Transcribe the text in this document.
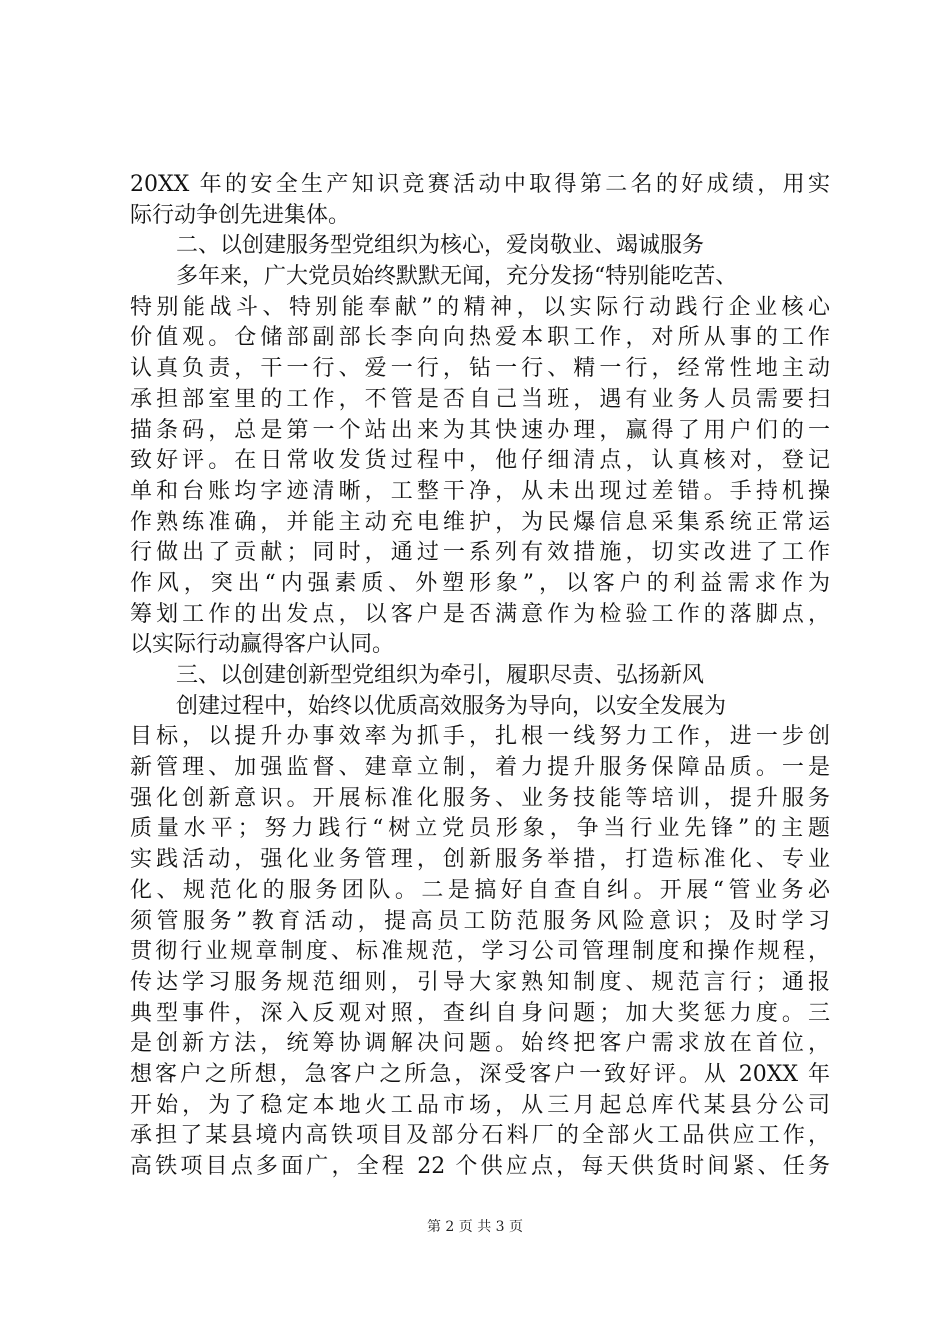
20XX 年的安全生产知识竞赛活动中取得第二名的好成绩，用实
际行动争创先进集体。
二、以创建服务型党组织为核心，爱岗敬业、竭诚服务
多年来，广大党员始终默默无闻，充分发扬“特别能吃苦、
特别能战斗、特别能奉献”的精神，以实际行动践行企业核心
价值观。仓储部副部长李向向热爱本职工作，对所从事的工作
认真负责，干一行、爱一行，钻一行、精一行，经常性地主动
承担部室里的工作，不管是否自己当班，遇有业务人员需要扫
描条码，总是第一个站出来为其快速办理，赢得了用户们的一
致好评。在日常收发货过程中，他仔细清点，认真核对，登记
单和台账均字迹清晰，工整干净，从未出现过差错。手持机操
作熟练准确，并能主动充电维护，为民爆信息采集系统正常运
行做出了贡献；同时，通过一系列有效措施，切实改进了工作
作风，突出“内强素质、外塑形象”，以客户的利益需求作为
筹划工作的出发点，以客户是否满意作为检验工作的落脚点，
以实际行动赢得客户认同。
三、以创建创新型党组织为牵引，履职尽责、弘扬新风
创建过程中，始终以优质高效服务为导向，以安全发展为
目标，以提升办事效率为抓手，扎根一线努力工作，进一步创
新管理、加强监督、建章立制，着力提升服务保障品质。一是
强化创新意识。开展标准化服务、业务技能等培训，提升服务
质量水平；努力践行“树立党员形象，争当行业先锋”的主题
实践活动，强化业务管理，创新服务举措，打造标准化、专业
化、规范化的服务团队。二是搞好自查自纠。开展“管业务必
须管服务”教育活动，提高员工防范服务风险意识；及时学习
贯彻行业规章制度、标准规范，学习公司管理制度和操作规程，
传达学习服务规范细则，引导大家熟知制度、规范言行；通报
典型事件，深入反观对照，查纠自身问题；加大奖惩力度。三
是创新方法，统筹协调解决问题。始终把客户需求放在首位，
想客户之所想，急客户之所急，深受客户一致好评。从 20XX 年
开始，为了稳定本地火工品市场，从三月起总库代某县分公司
承担了某县境内高铁项目及部分石料厂的全部火工品供应工作，
高铁项目点多面广，全程 22 个供应点，每天供货时间紧、任务
第 2 页 共 3 页
